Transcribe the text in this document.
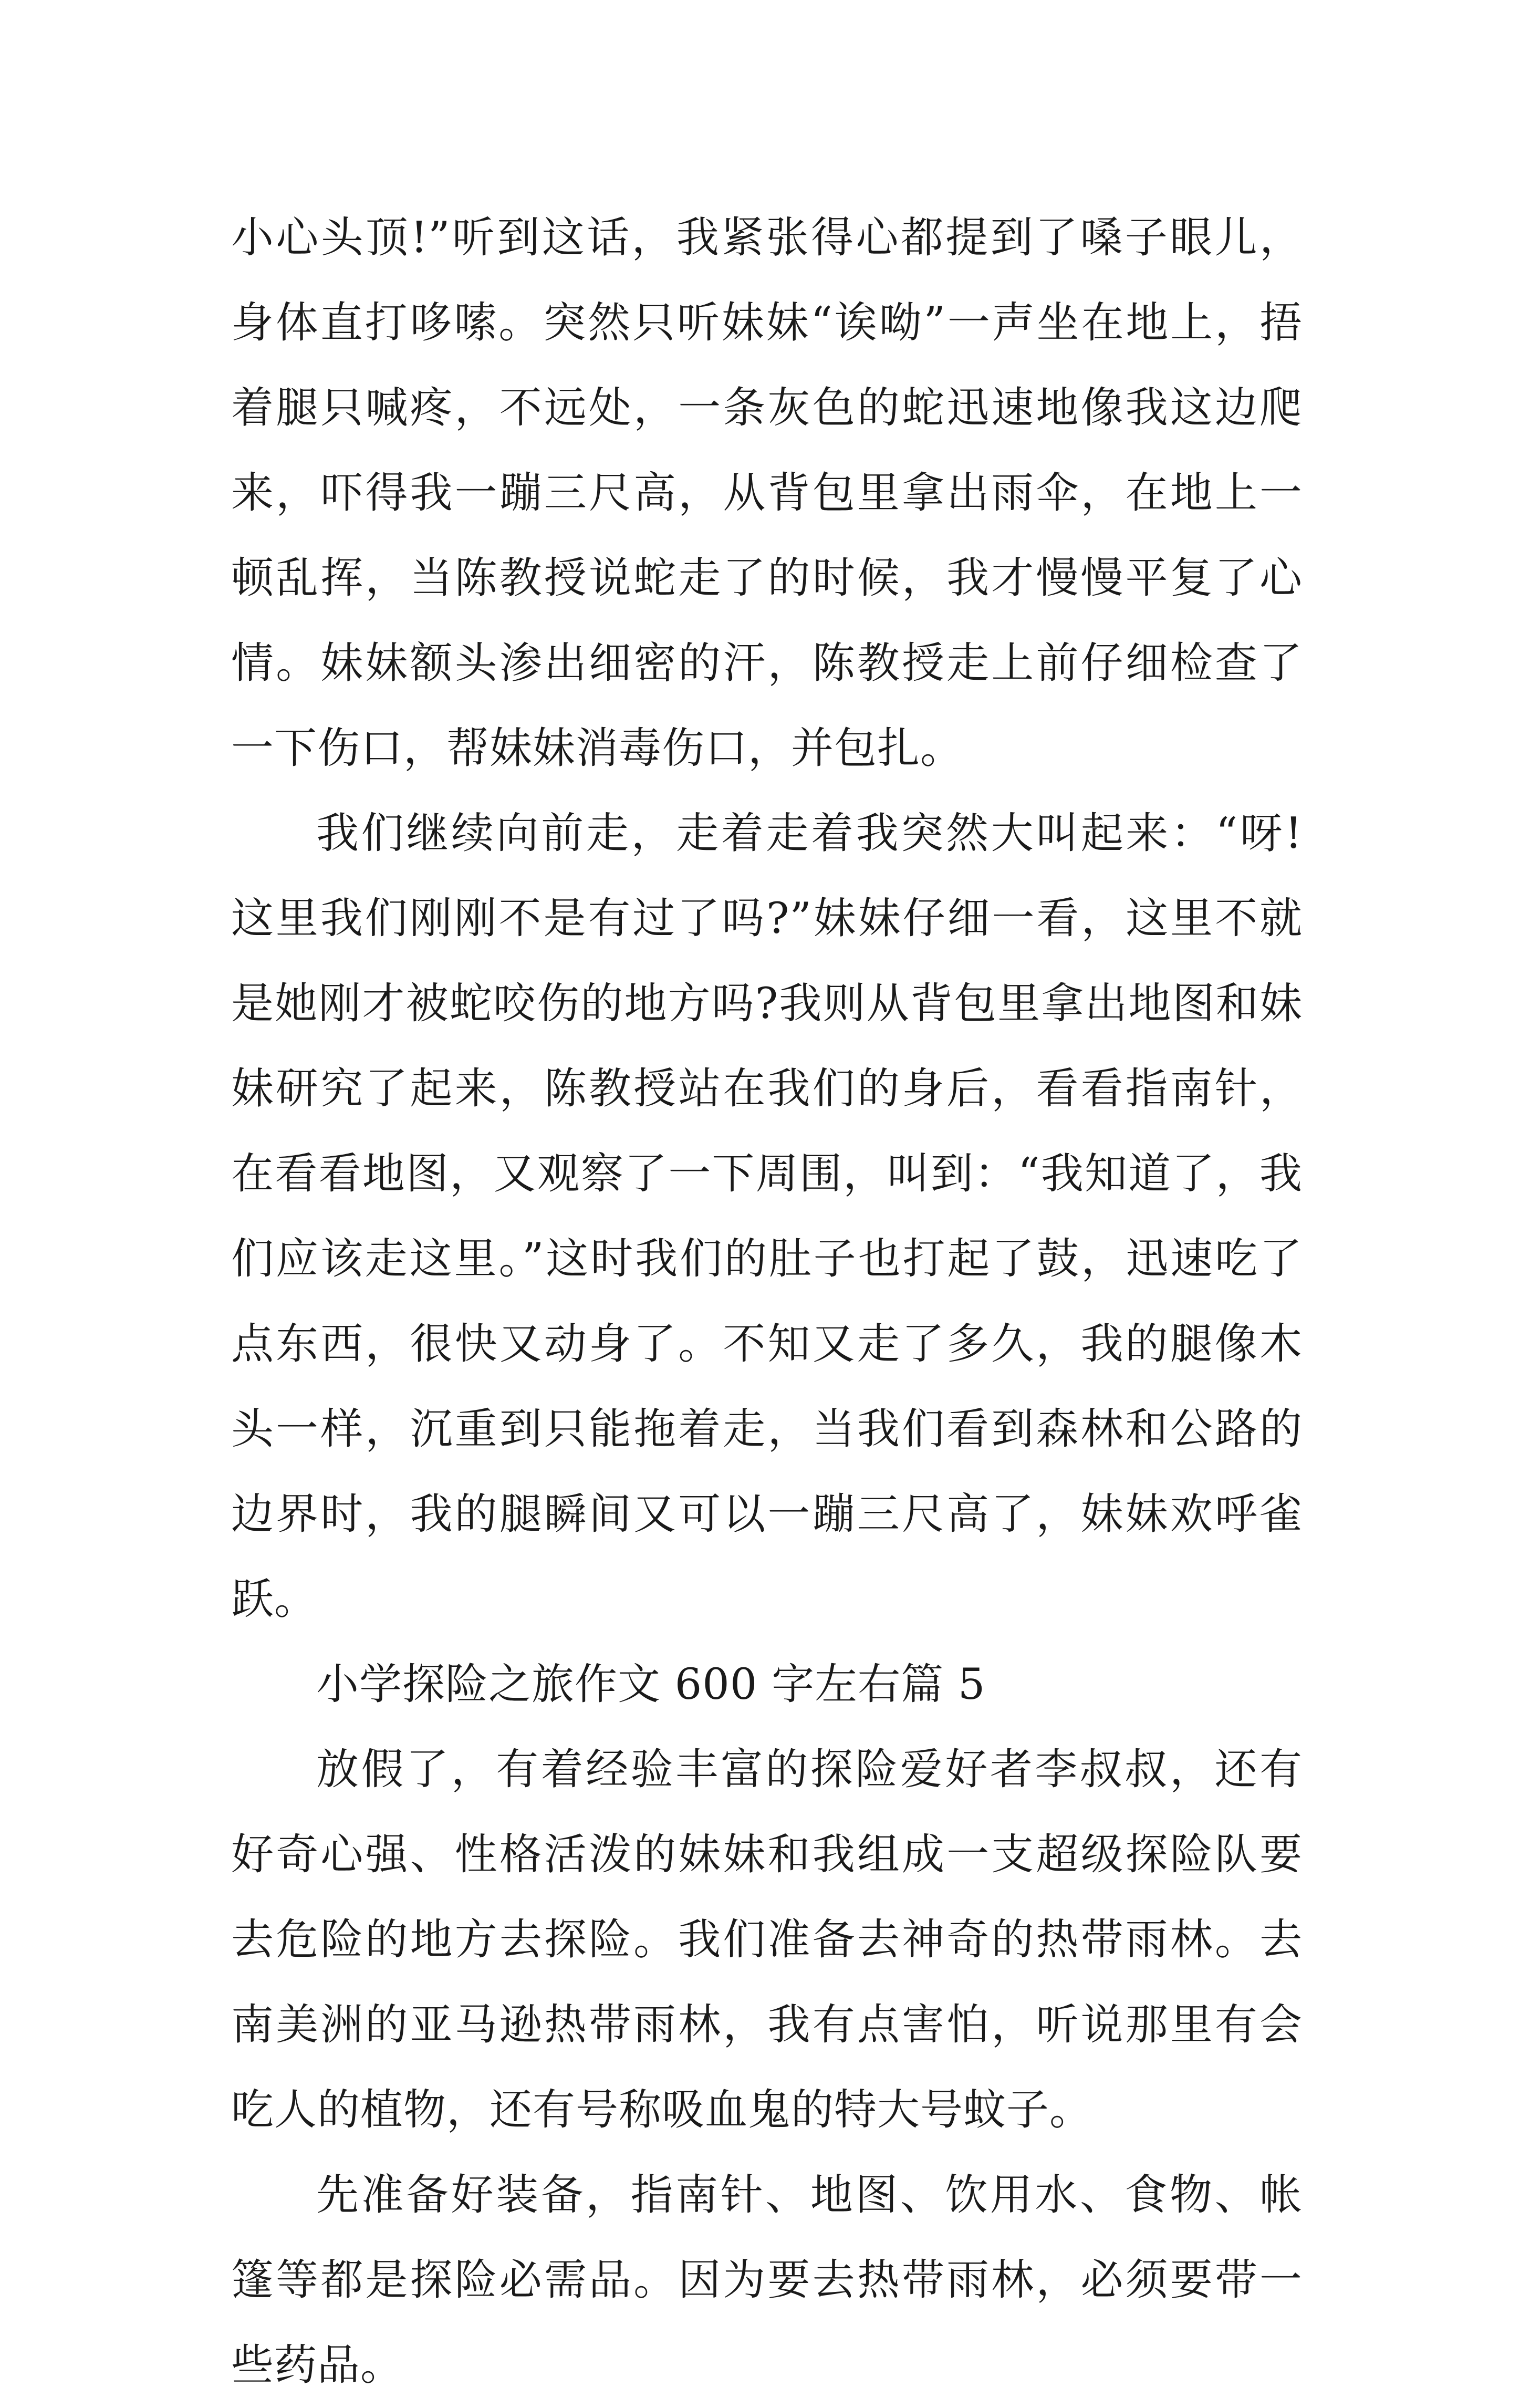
小心头顶!”听到这话，我紧张得心都提到了嗓子眼儿，身体直打哆嗦。突然只听妹妹“诶呦”一声坐在地上，捂着腿只喊疼，不远处，一条灰色的蛇迅速地像我这边爬来，吓得我一蹦三尺高，从背包里拿出雨伞，在地上一顿乱挥，当陈教授说蛇走了的时候，我才慢慢平复了心情。妹妹额头渗出细密的汗，陈教授走上前仔细检查了一下伤口，帮妹妹消毒伤口，并包扎。

我们继续向前走，走着走着我突然大叫起来：“呀!这里我们刚刚不是有过了吗?”妹妹仔细一看，这里不就是她刚才被蛇咬伤的地方吗?我则从背包里拿出地图和妹妹研究了起来，陈教授站在我们的身后，看看指南针，在看看地图，又观察了一下周围，叫到：“我知道了，我们应该走这里。”这时我们的肚子也打起了鼓，迅速吃了点东西，很快又动身了。不知又走了多久，我的腿像木头一样，沉重到只能拖着走，当我们看到森林和公路的边界时，我的腿瞬间又可以一蹦三尺高了，妹妹欢呼雀跃。

小学探险之旅作文 600 字左右篇 5

放假了，有着经验丰富的探险爱好者李叔叔，还有好奇心强、性格活泼的妹妹和我组成一支超级探险队要去危险的地方去探险。我们准备去神奇的热带雨林。去南美洲的亚马逊热带雨林，我有点害怕，听说那里有会吃人的植物，还有号称吸血鬼的特大号蚊子。

先准备好装备，指南针、地图、饮用水、食物、帐篷等都是探险必需品。因为要去热带雨林，必须要带一些药品。
